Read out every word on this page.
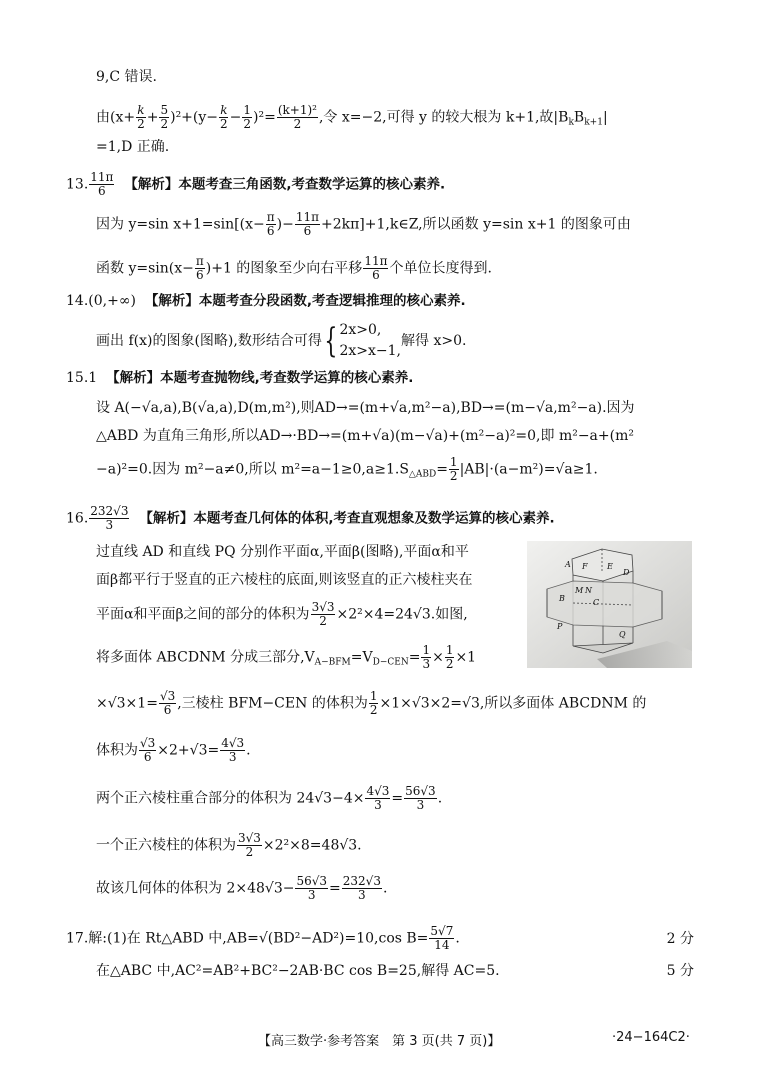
9,C 错误.
由$(x+ \frac{k}{2} + \frac{5}{2} )^2+(y- \frac{k}{2} - \frac{1}{2} )^2= \frac{\text{(k+1)²}}{2}$ ,令 x=−2,可得 y 的较大根为 k+1,故$|B_kB_{k+1}|$
=1,D 正确.
13. $\frac{11\pi}{6}$ 【解析】本题考查三角函数,考查数学运算的核心素养.
因为 y=sin $x+1=\sin[(x- \frac{\pi}{6}$ )− $\frac{11\pi}{6}$ +2kπ]+1,k∈Z,所以函数 y=sin x+1 的图象可由
函数 $y=\sin(x- \frac{\pi}{6} )+1$ 的图象至少向右平移 $\frac{11\pi}{6}$ 个单位长度得到.
14.(0,+∞) 【解析】本题考查分段函数,考查逻辑推理的核心素养.
画出 f(x)的图象(图略),数形结合可得{ 2x>0,
2x>x−1,
解得 x>0.
15.1 【解析】本题考查抛物线,考查数学运算的核心素养.
设 A(−√a,a),B(√a,a),D(m,m²),则AD→=(m+√a,m²−a),BD→=(m−√a,m²−a).因为
△ABD 为直角三角形,所以AD→·BD→=(m+√a)(m−√a)+(m²−a)²=0,即 m²−a+(m²
−a)²=0.因为 m²−a≠0,所以 $m^2=a-1\ge 0,a\ge 1.S_{\triangle ABD}= \frac{1}{2} |AB|\cdot(a-m^2)=√a\ge 1$.
16. $\frac{232√3}{3}$ 【解析】本题考查几何体的体积,考查直观想象及数学运算的核心素养.
过直线 AD 和直线 PQ 分别作平面α,平面β(图略),平面α和平
面β都平行于竖直的正六棱柱的底面,则该竖直的正六棱柱夹在
平面α和平面β之间的部分的体积为 $\frac{3√3}{2} \times 2^2\times 4=24√3$.如图,
将多面体 ABCDNM 分成三部分$,V_{A-BFM}=V_{D-CEN}= \frac{1}{3} \times \frac{1}{2} \times 1$
$\times√3\times 1= \frac{√3}{6}$ ,三棱柱 BFM−CEN 的体积为 $\frac{1}{2} \times 1\times√3\times 2=√3$,所以多面体 ABCDNM 的
体积为 $\frac{√3}{6} \times 2+√3= \frac{4√3}{3}$ .
两个正六棱柱重合部分的体积为 $24√3-4\times \frac{4√3}{3} = \frac{56√3}{3}$ .
一个正六棱柱的体积为 $\frac{3√3}{2} \times 2^2\times 8=48√3$.
故该几何体的体积为 $2\times 48√3- \frac{56√3}{3} = \frac{232√3}{3}$ .
A F E
D
B
M N
C
P
Q
17.解:(1)在 Rt△ABD 中,AB=√(BD²−AD²)=10,cos $B= \frac{5√7}{14}$ .	2 分
在△ABC 中,AC²=AB²+BC²−2AB·BC cos B=25,解得 AC=5.	5 分
【高三数学·参考答案　第 3 页(共 7 页)】	·24−164C2·
